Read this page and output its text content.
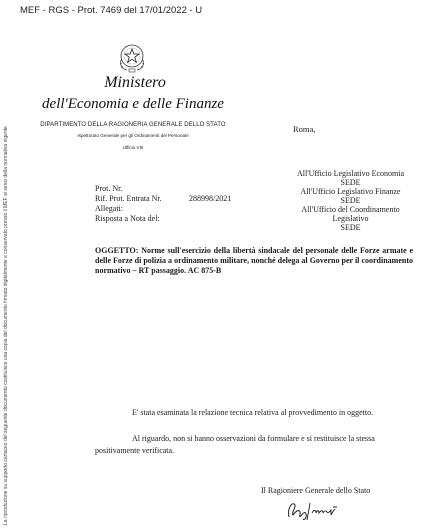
MEF - RGS - Prot. 7469 del 17/01/2022 - U
La riproduzione su supporto cartaceo del seguente documento costituisce una copia del documento firmato digitalmente e conservato presso il MEF ai sensi della normativa vigente
Ministero
dell'Economia e delle Finanze
DIPARTIMENTO DELLA RAGIONERIA GENERALE DELLO STATO
Ispettorato Generale per gli Ordinamenti del Personale
Ufficio VIII
Roma,
All'Ufficio Legislativo Economia
SEDE
All'Ufficio Legislativo Finanze
SEDE
All'Ufficio del Coordinamento
Legislativo
SEDE
Prot. Nr.
Rif. Prot. Entrata Nr.	288998/2021
Allegati:
Risposta a Nota del:
OGGETTO: Norme sull'esercizio della libertà sindacale del personale delle Forze armate e delle Forze di polizia a ordinamento militare, nonché delega al Governo per il coordinamento normativo – RT passaggio. AC 875-B
E' stata esaminata la relazione tecnica relativa al provvedimento in oggetto.
Al riguardo, non si hanno osservazioni da formulare e si restituisce la stessa positivamente verificata.
Il Ragioniere Generale dello Stato
